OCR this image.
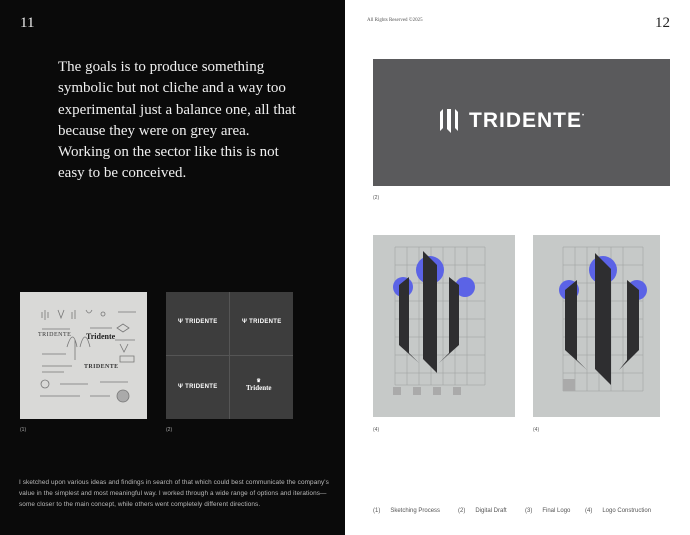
11
The goals is to produce something symbolic but not cliche and a way too experimental just a balance one, all that because they were on grey area. Working on the sector like this is not easy to be conceived.
TRIDENTE Tridente
TRIDENTE
(1)
Ψ TRIDENTE	Ψ TRIDENTE
Ψ TRIDENTE
♛
Tridente
(2)
I sketched upon various ideas and findings in search of that which could best communicate the company's value in the simplest and most meaningful way. I worked through a wide range of options and iterations—some closer to the main concept, while others went completely different directions.
All Rights Reserved ©2025	12
TRIDENTE •
(2)
(4)	(4)
(1) Sketching Process	(2) Digital Draft	(3) Final Logo (4) Logo Construction
